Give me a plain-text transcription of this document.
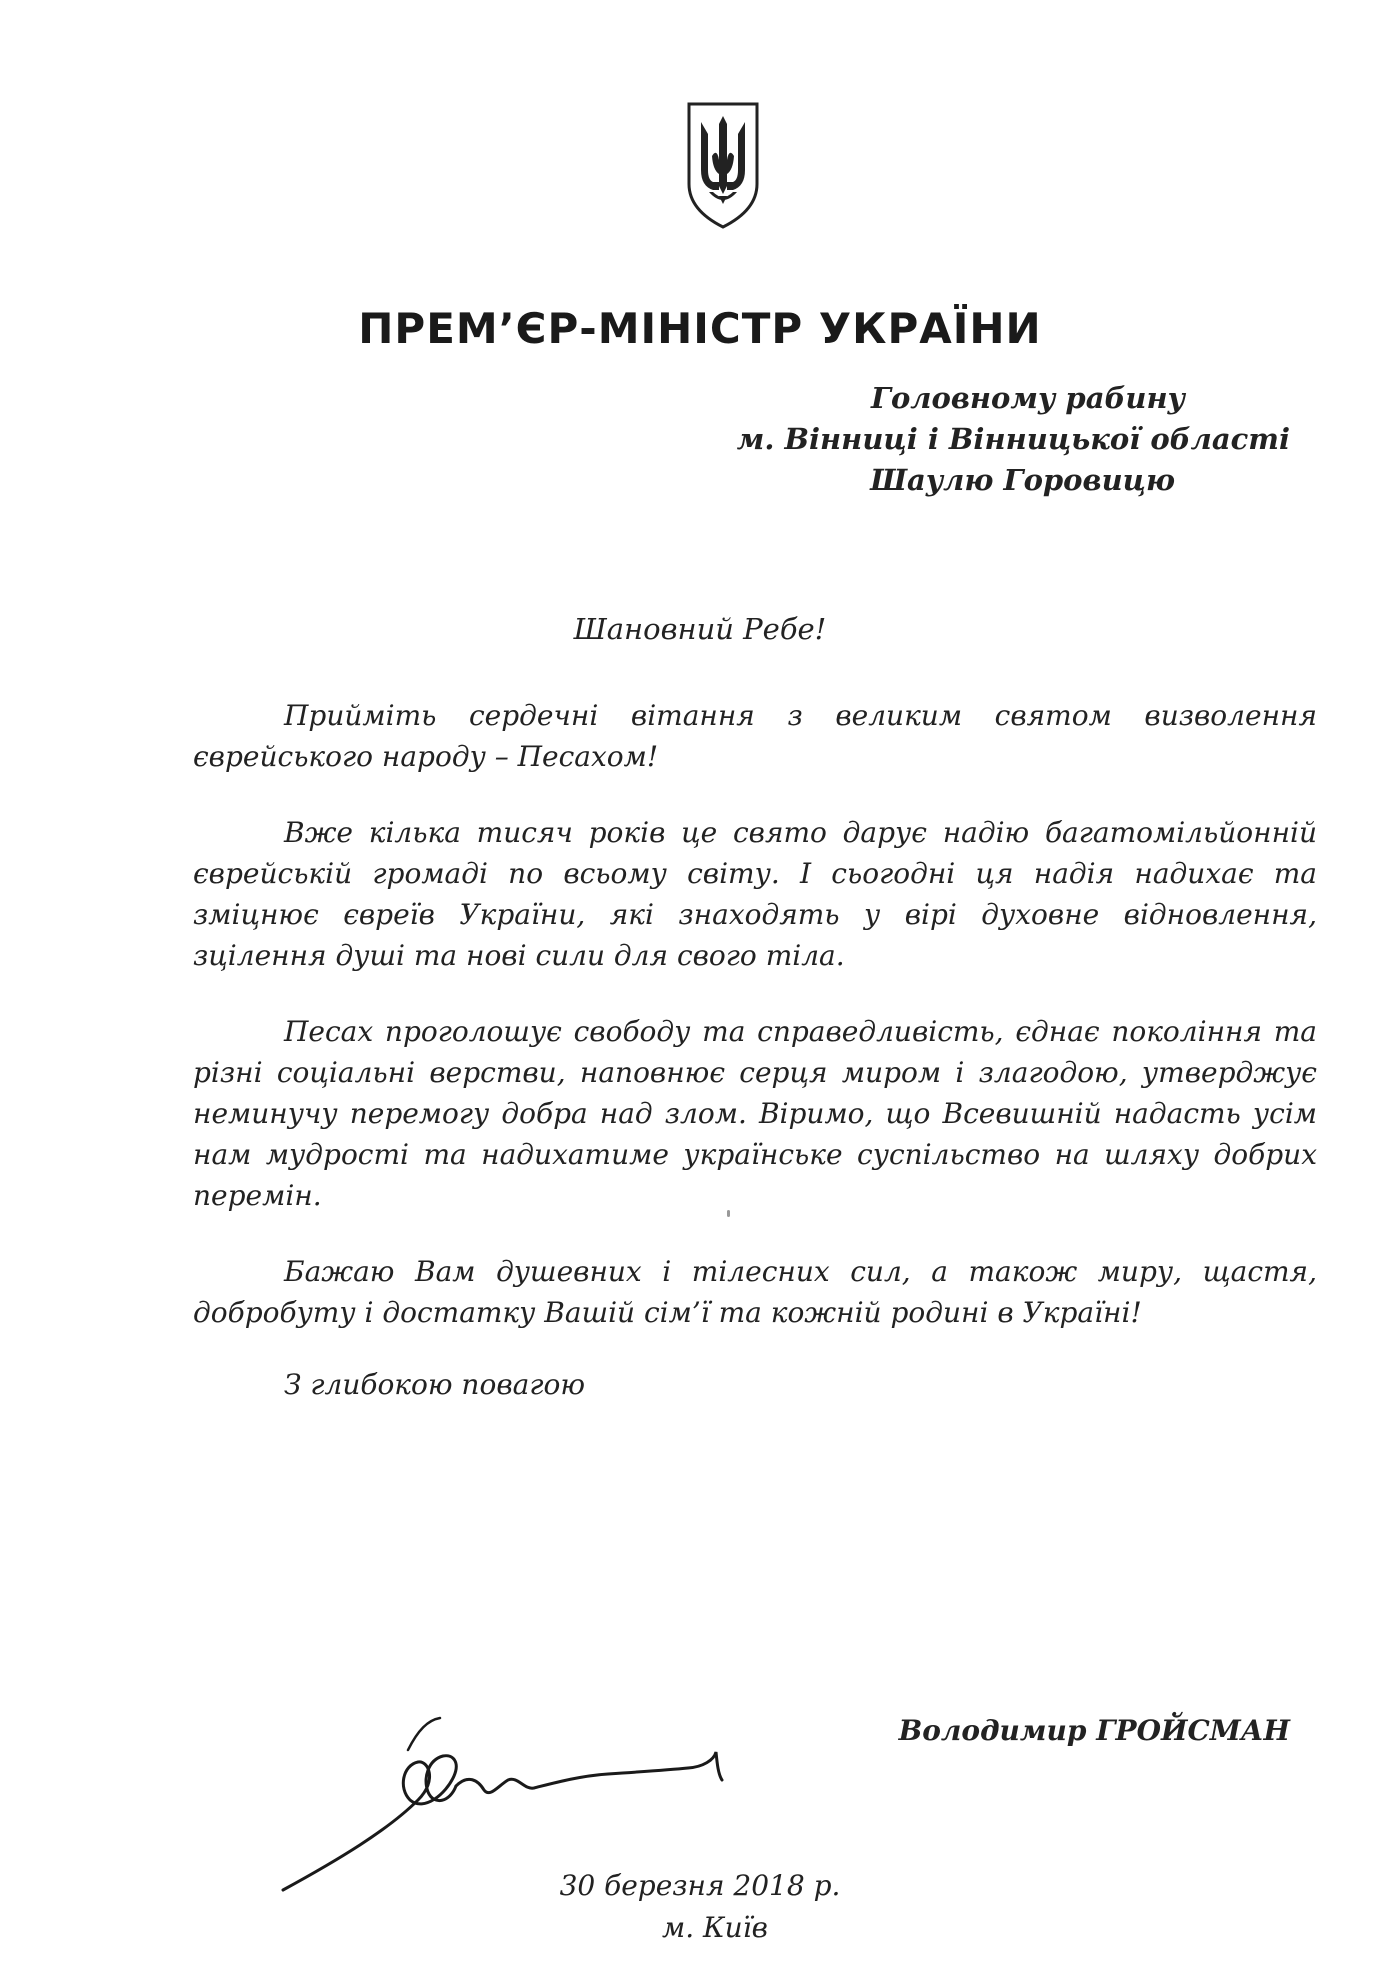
ПРЕМ’ЄР-МІНІСТР УКРАЇНИ
Головному рабину
м. Вінниці і Вінницької області
Шаулю Горовицю
Шановний Ребе!

Прийміть сердечні вітання з великим святом визволення єврейського народу – Песахом!

Вже кілька тисяч років це свято дарує надію багатомільйонній єврейській громаді по всьому світу. І сьогодні ця надія надихає та зміцнює євреїв України, які знаходять у вірі духовне відновлення, зцілення душі та нові сили для свого тіла.

Песах проголошує свободу та справедливість, єднає покоління та різні соціальні верстви, наповнює серця миром і злагодою, утверджує неминучу перемогу добра над злом. Віримо, що Всевишній надасть усім нам мудрості та надихатиме українське суспільство на шляху добрих перемін.

Бажаю Вам душевних і тілесних сил, а також миру, щастя, добробуту і достатку Вашій сім’ї та кожній родині в Україні!

З глибокою повагою
Володимир ГРОЙСМАН
30 березня 2018 р.
м. Київ
